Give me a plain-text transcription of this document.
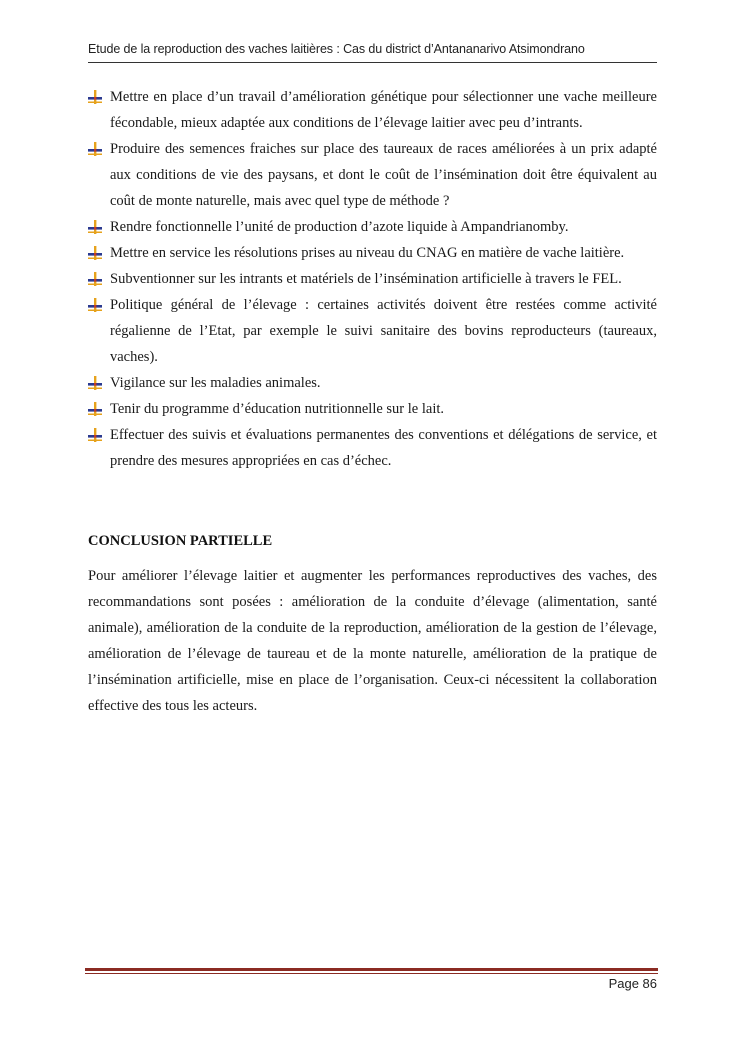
Etude de la reproduction des vaches laitières : Cas du district d’Antananarivo Atsimondrano
Mettre en place d’un travail d’amélioration génétique pour sélectionner une vache meilleure fécondable, mieux adaptée aux conditions de l’élevage laitier avec peu d’intrants.
Produire des semences fraiches sur place des taureaux de races améliorées à un prix adapté aux conditions de vie des paysans, et dont le coût de l’insémination doit être équivalent au coût de monte naturelle, mais avec quel type de méthode ?
Rendre fonctionnelle l’unité de production d’azote liquide à Ampandrianomby.
Mettre en service les résolutions prises au niveau du CNAG en matière de vache laitière.
Subventionner sur les intrants et matériels de l’insémination artificielle à travers le FEL.
Politique général de l’élevage : certaines activités doivent être restées comme activité régalienne de l’Etat, par exemple le suivi sanitaire des bovins reproducteurs (taureaux, vaches).
Vigilance sur les maladies animales.
Tenir du programme d’éducation nutritionnelle sur le lait.
Effectuer des suivis et évaluations permanentes des conventions et délégations de service, et prendre des mesures appropriées en cas d’échec.
CONCLUSION PARTIELLE

Pour améliorer l’élevage laitier et augmenter les performances reproductives des vaches, des recommandations sont posées : amélioration de la conduite d’élevage (alimentation, santé animale), amélioration de la conduite de la reproduction, amélioration de la gestion de l’élevage, amélioration de l’élevage de taureau et de la monte naturelle, amélioration de la pratique de l’insémination artificielle, mise en place de l’organisation. Ceux-ci nécessitent la collaboration effective des tous les acteurs.

Page 86
